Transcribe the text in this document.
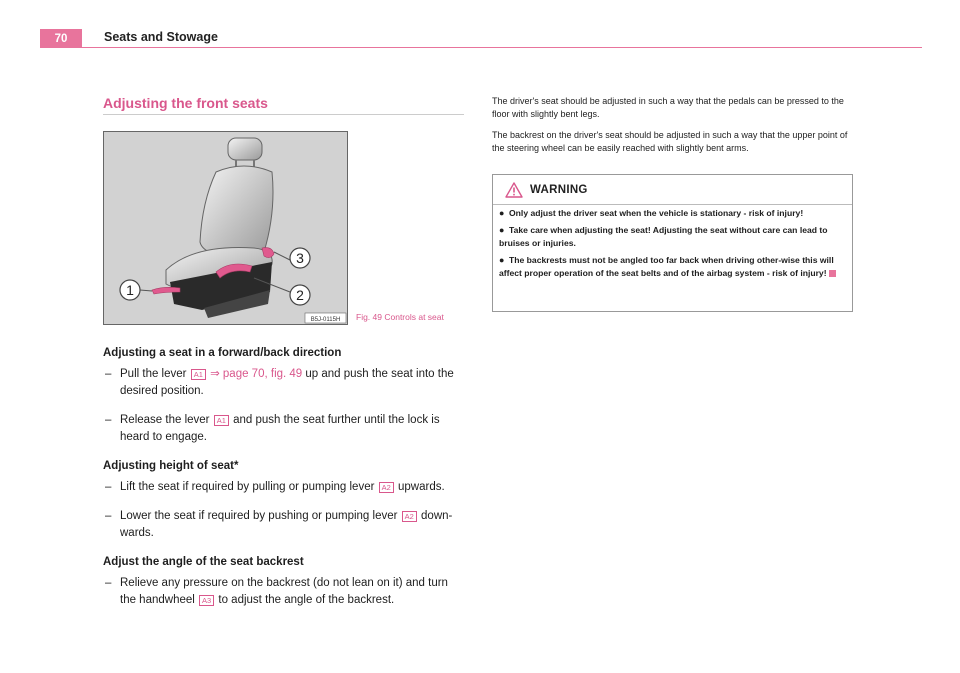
70	Seats and Stowage
Adjusting the front seats
1	2
3
B5J-0115H Fig. 49 Controls at seat
Adjusting a seat in a forward/back direction
– Pull the lever A1 ⇒ page 70, fig. 49 up and push the seat into the desired position.
– Release the lever A1 and push the seat further until the lock is heard to engage.
Adjusting height of seat*
– Lift the seat if required by pulling or pumping lever A2 upwards.
– Lower the seat if required by pushing or pumping lever A2 down-wards.
Adjust the angle of the seat backrest
– Relieve any pressure on the backrest (do not lean on it) and turn the handwheel A3 to adjust the angle of the backrest.

The driver's seat should be adjusted in such a way that the pedals can be pressed to the floor with slightly bent legs.

The backrest on the driver's seat should be adjusted in such a way that the upper point of the steering wheel can be easily reached with slightly bent arms.

WARNING
● Only adjust the driver seat when the vehicle is stationary - risk of injury!
● Take care when adjusting the seat! Adjusting the seat without care can lead to bruises or injuries.
● The backrests must not be angled too far back when driving other-wise this will affect proper operation of the seat belts and of the airbag system - risk of injury!
